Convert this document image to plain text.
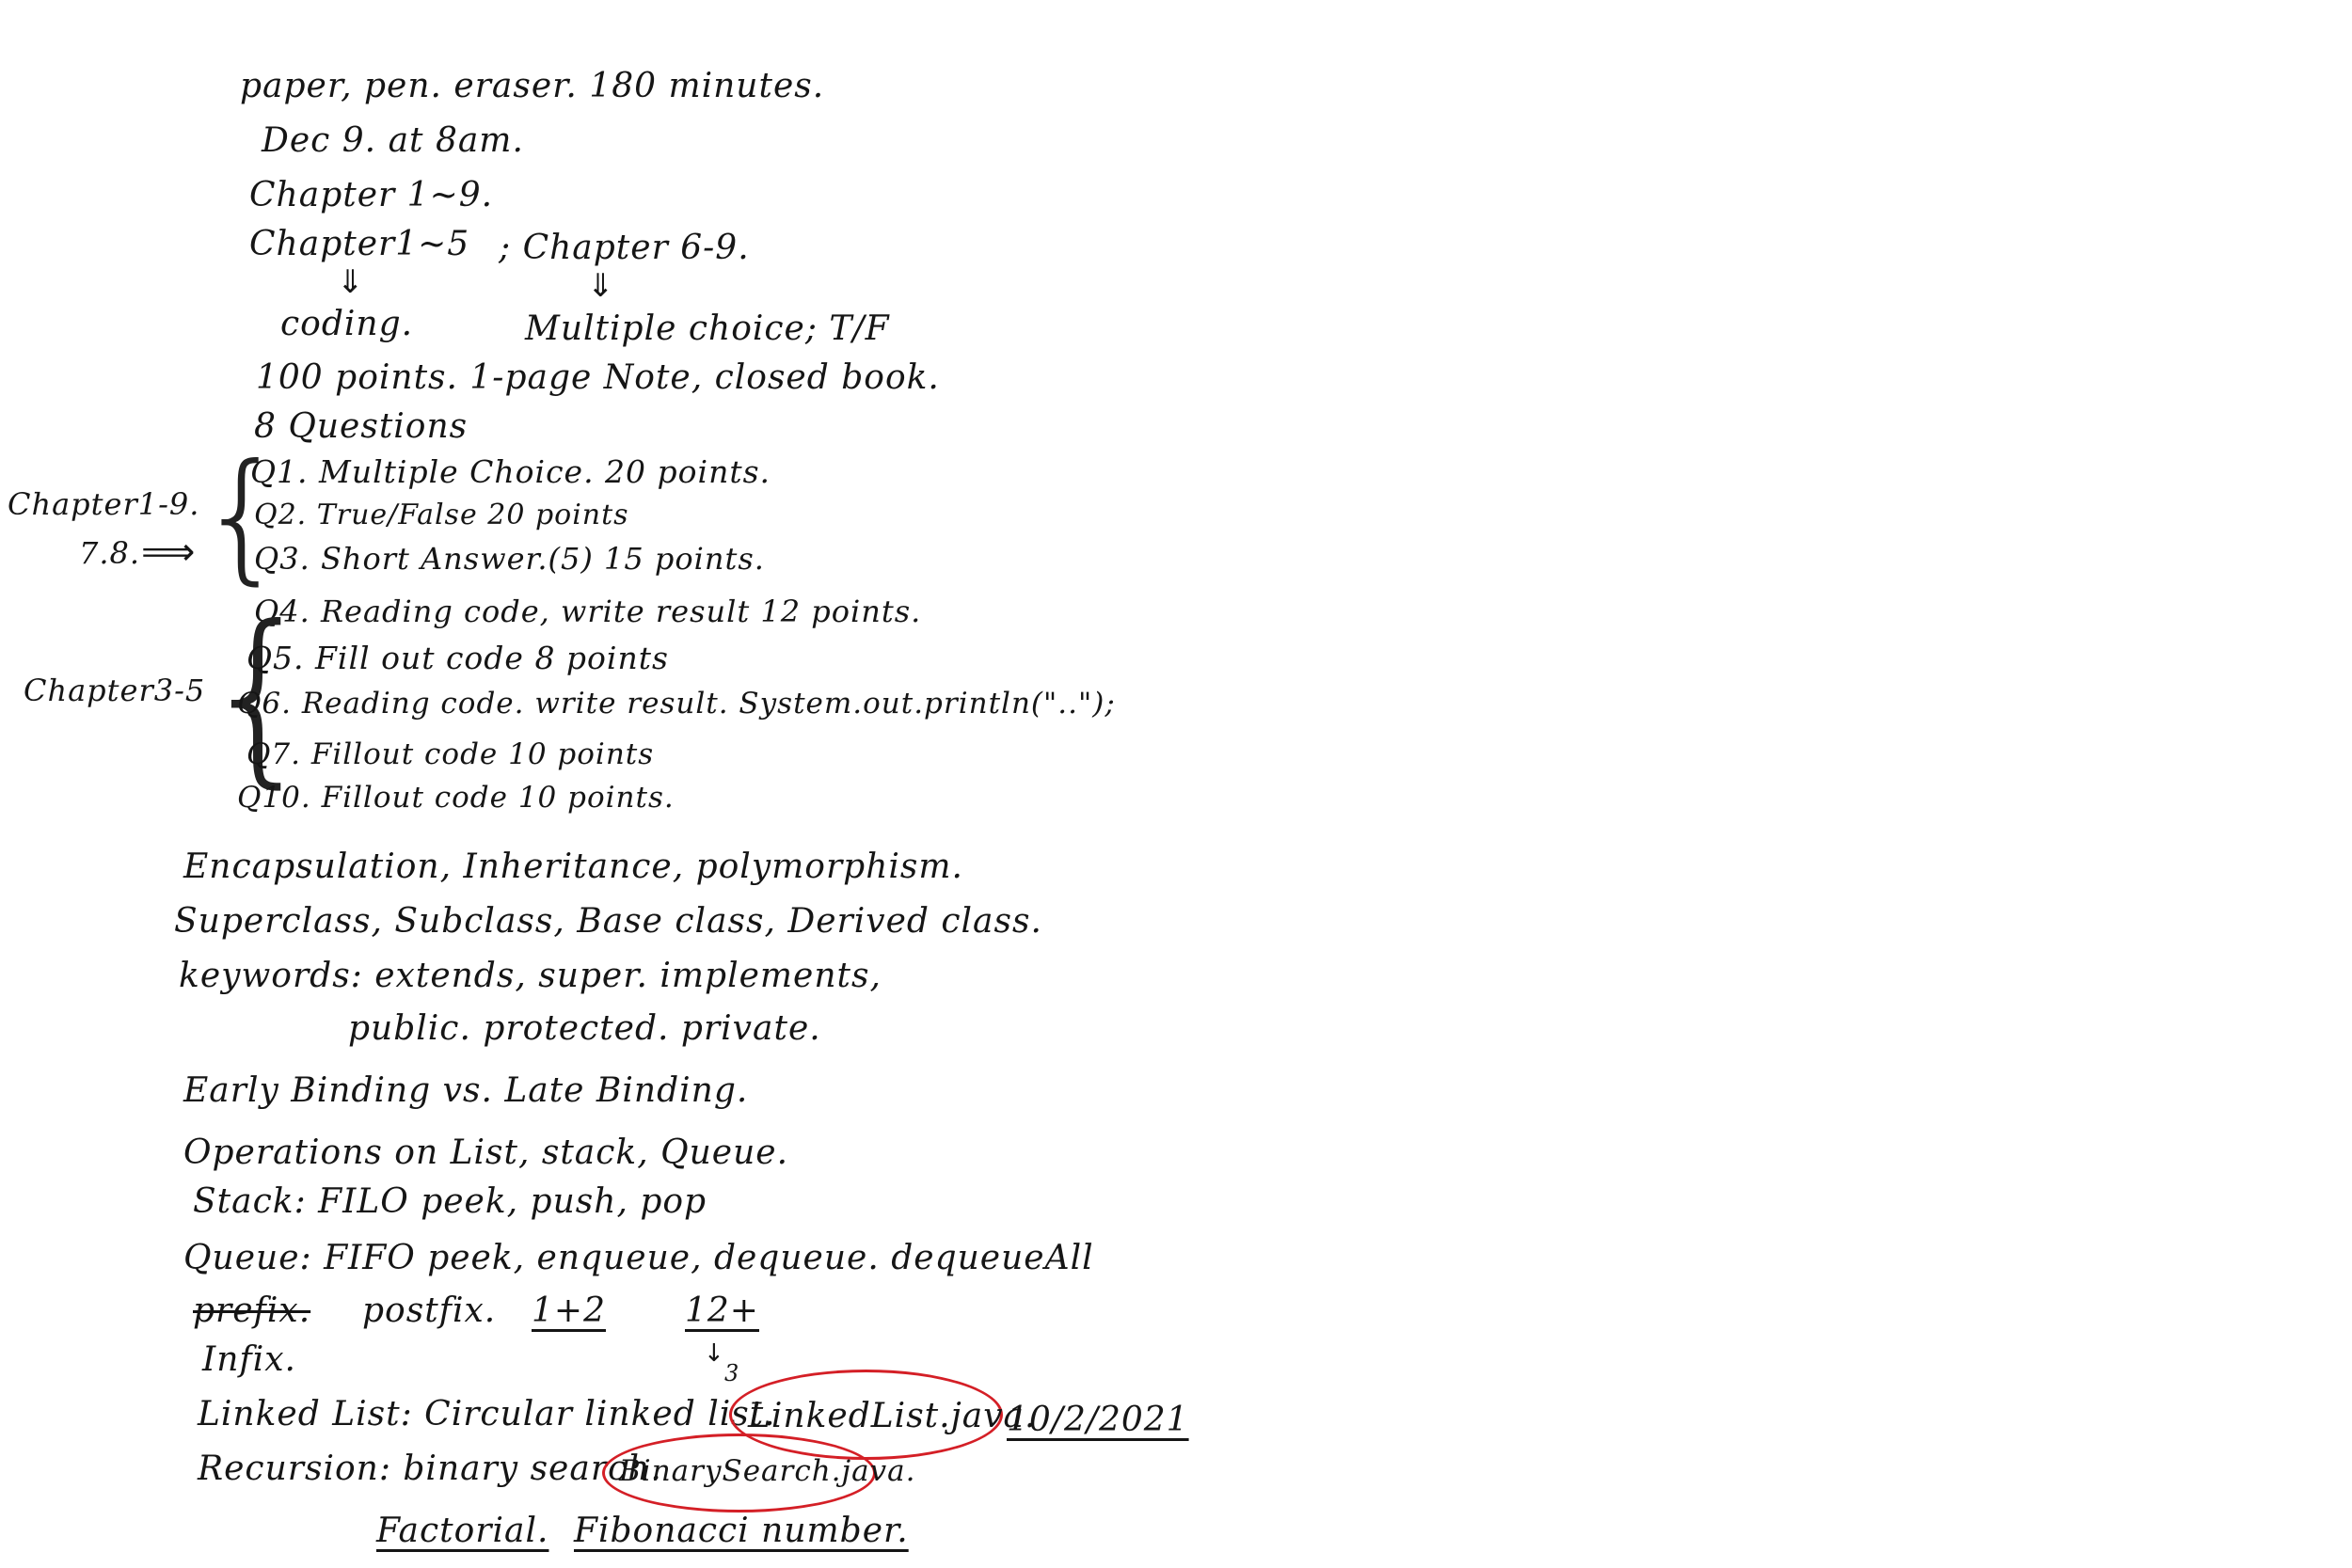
paper, pen. eraser. 180 minutes.
Dec 9. at 8am.
Chapter 1~9.
Chapter1~5 ; Chapter 6-9.
⇓	⇓
coding.	Multiple choice; T/F
100 points. 1-page Note, closed book.
8 Questions
Chapter1-9.
7.8. ⟹ {
Q1. Multiple Choice. 20 points.
Q2. True/False 20 points
Q3. Short Answer.(5) 15 points.
Q4. Reading code, write result 12 points.
Chapter3-5
{
Q5. Fill out code 8 points
Q6. Reading code. write result. System.out.println("..");
Q7. Fillout code 10 points
Q10. Fillout code 10 points.
Encapsulation, Inheritance, polymorphism.
Superclass, Subclass, Base class, Derived class.
keywords: extends, super. implements,
public. protected. private.
Early Binding vs. Late Binding.
Operations on List, stack, Queue.
Stack: FILO peek, push, pop
Queue: FIFO peek, enqueue, dequeue. dequeueAll
prefix. postfix. 1+2 12+
↓
3
Infix.
Linked List: Circular linked list.
LinkedList.java.
10/2/2021
Recursion: binary search.
BinarySearch.java.
Factorial. Fibonacci number.
